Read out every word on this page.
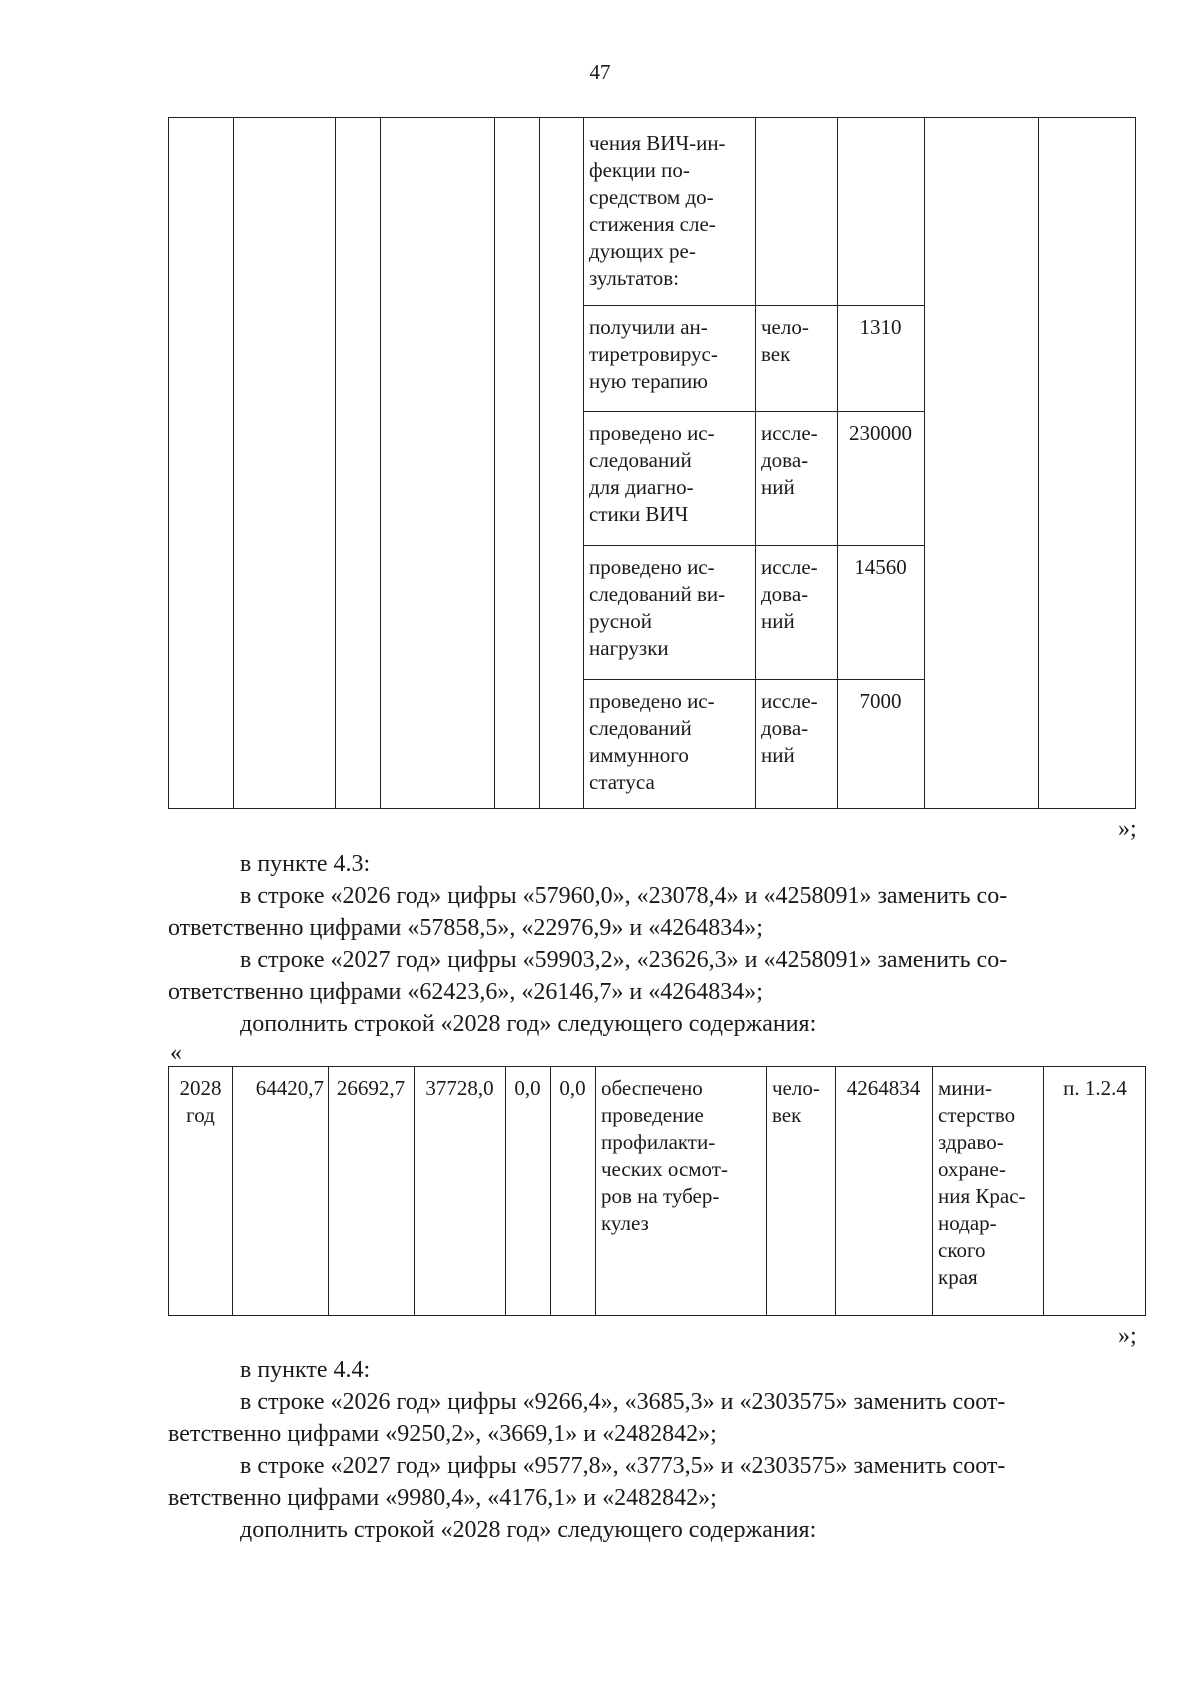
47
чения ВИЧ-ин-
фекции по-
средством до-
стижения сле-
дующих ре-
зультатов:
получили ан-
тиретровирус-
ную терапию
чело-
век
1310
проведено ис-
следований
для диагно-
стики ВИЧ
иссле-
дова-
ний
230000
проведено ис-
следований ви-
русной
нагрузки
иссле-
дова-
ний
14560
проведено ис-
следований
иммунного
статуса
иссле-
дова-
ний
7000
»;
в пункте 4.3:
в строке «2026 год» цифры «57960,0», «23078,4» и «4258091» заменить со-
ответственно цифрами «57858,5», «22976,9» и «4264834»;
в строке «2027 год» цифры «59903,2», «23626,3» и «4258091» заменить со-
ответственно цифрами «62423,6», «26146,7» и «4264834»;
дополнить строкой «2028 год» следующего содержания:
«
2028
год
64420,7 26692,7 37728,0 0,0 0,0 обеспечено
проведение
профилакти-
ческих осмот-
ров на тубер-
кулез
чело-
век
4264834 мини-
стерство
здраво-
охране-
ния Крас-
нодар-
ского
края
п. 1.2.4
»;
в пункте 4.4:
в строке «2026 год» цифры «9266,4», «3685,3» и «2303575» заменить соот-
ветственно цифрами «9250,2», «3669,1» и «2482842»;
в строке «2027 год» цифры «9577,8», «3773,5» и «2303575» заменить соот-
ветственно цифрами «9980,4», «4176,1» и «2482842»;
дополнить строкой «2028 год» следующего содержания:
